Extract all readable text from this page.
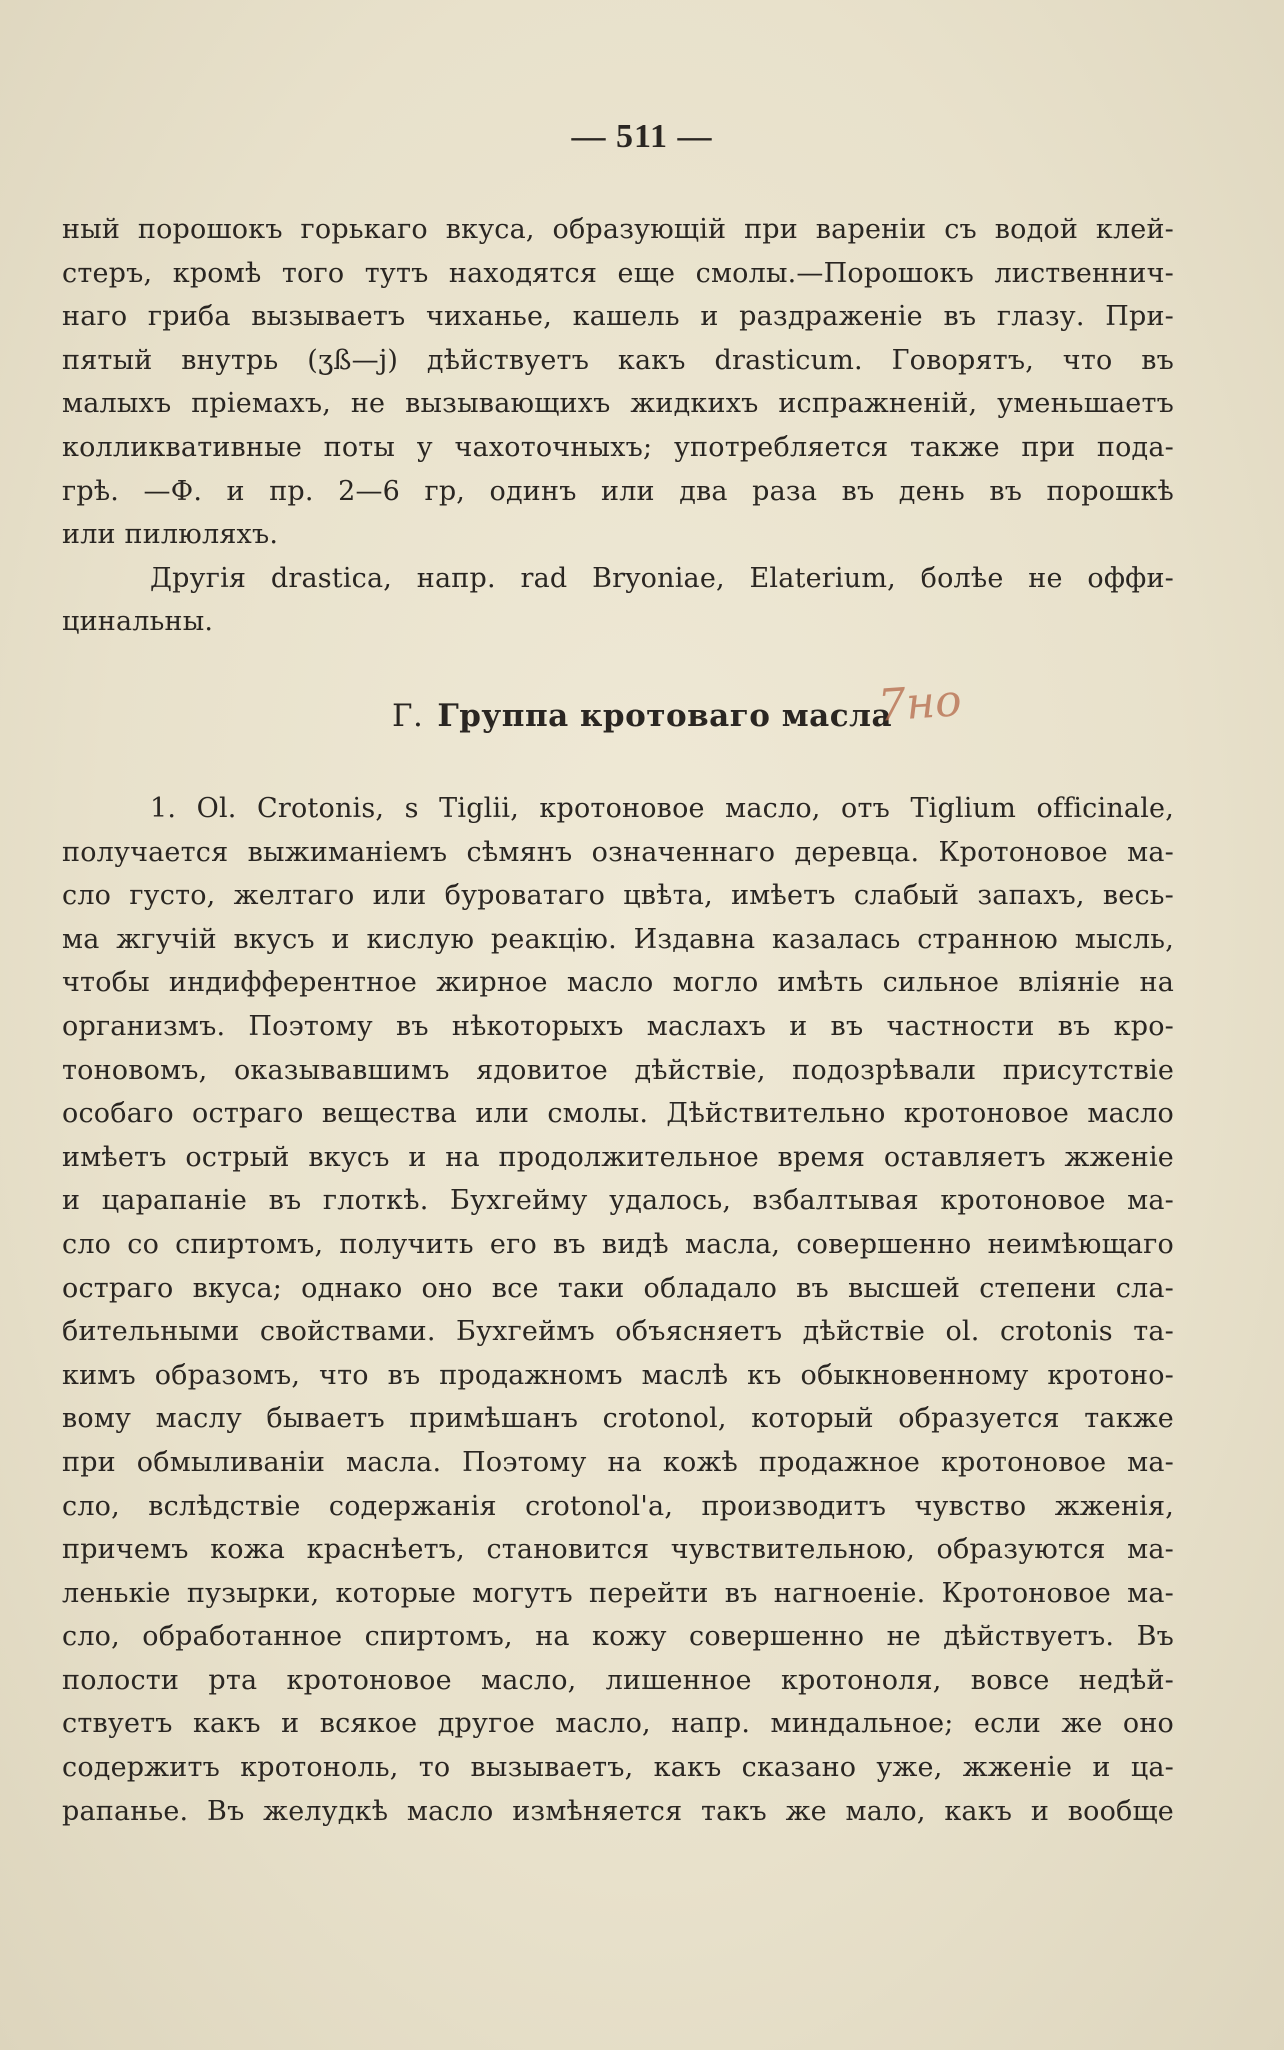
— 511 —
ный порошокъ горькаго вкуса, образующій при вареніи съ водой клей-
стеръ, кромѣ того тутъ находятся еще смолы.—Порошокъ лиственнич-
наго гриба вызываетъ чиханье, кашель и раздраженіе въ глазу. При-
пятый внутрь (ʒß—j) дѣйствуетъ какъ drasticum. Говорятъ, что въ
малыхъ пріемахъ, не вызывающихъ жидкихъ испражненій, уменьшаетъ
колликвативные поты у чахоточныхъ; употребляется также при пода-
грѣ. —Ф. и пр. 2—6 гр, одинъ или два раза въ день въ порошкѣ
или пилюляхъ.
Другія drastica, напр. rad Bryoniae, Elaterium, болѣе не оффи-
цинальны.
Г. Группа кротоваго масла
7но
1. Ol. Crotonis, s Tiglii, кротоновое масло, отъ Tiglium officinale,
получается выжиманіемъ сѣмянъ означеннаго деревца. Кротоновое ма-
сло густо, желтаго или буроватаго цвѣта, имѣетъ слабый запахъ, весь-
ма жгучій вкусъ и кислую реакцію. Издавна казалась странною мысль,
чтобы индифферентное жирное масло могло имѣть сильное вліяніе на
организмъ. Поэтому въ нѣкоторыхъ маслахъ и въ частности въ кро-
тоновомъ, оказывавшимъ ядовитое дѣйствіе, подозрѣвали присутствіе
особаго остраго вещества или смолы. Дѣйствительно кротоновое масло
имѣетъ острый вкусъ и на продолжительное время оставляетъ жженіе
и царапаніе въ глоткѣ. Бухгейму удалось, взбалтывая кротоновое ма-
сло со спиртомъ, получить его въ видѣ масла, совершенно неимѣющаго
остраго вкуса; однако оно все таки обладало въ высшей степени сла-
бительными свойствами. Бухгеймъ объясняетъ дѣйствіе ol. crotonis та-
кимъ образомъ, что въ продажномъ маслѣ къ обыкновенному кротоно-
вому маслу бываетъ примѣшанъ crotonol, который образуется также
при обмыливаніи масла. Поэтому на кожѣ продажное кротоновое ма-
сло, вслѣдствіе содержанія crotonol'а, производитъ чувство жженія,
причемъ кожа краснѣетъ, становится чувствительною, образуются ма-
ленькіе пузырки, которые могутъ перейти въ нагноеніе. Кротоновое ма-
сло, обработанное спиртомъ, на кожу совершенно не дѣйствуетъ. Въ
полости рта кротоновое масло, лишенное кротоноля, вовсе недѣй-
ствуетъ какъ и всякое другое масло, напр. миндальное; если же оно
содержитъ кротоноль, то вызываетъ, какъ сказано уже, жженіе и ца-
рапанье. Въ желудкѣ масло измѣняется такъ же мало, какъ и вообще
